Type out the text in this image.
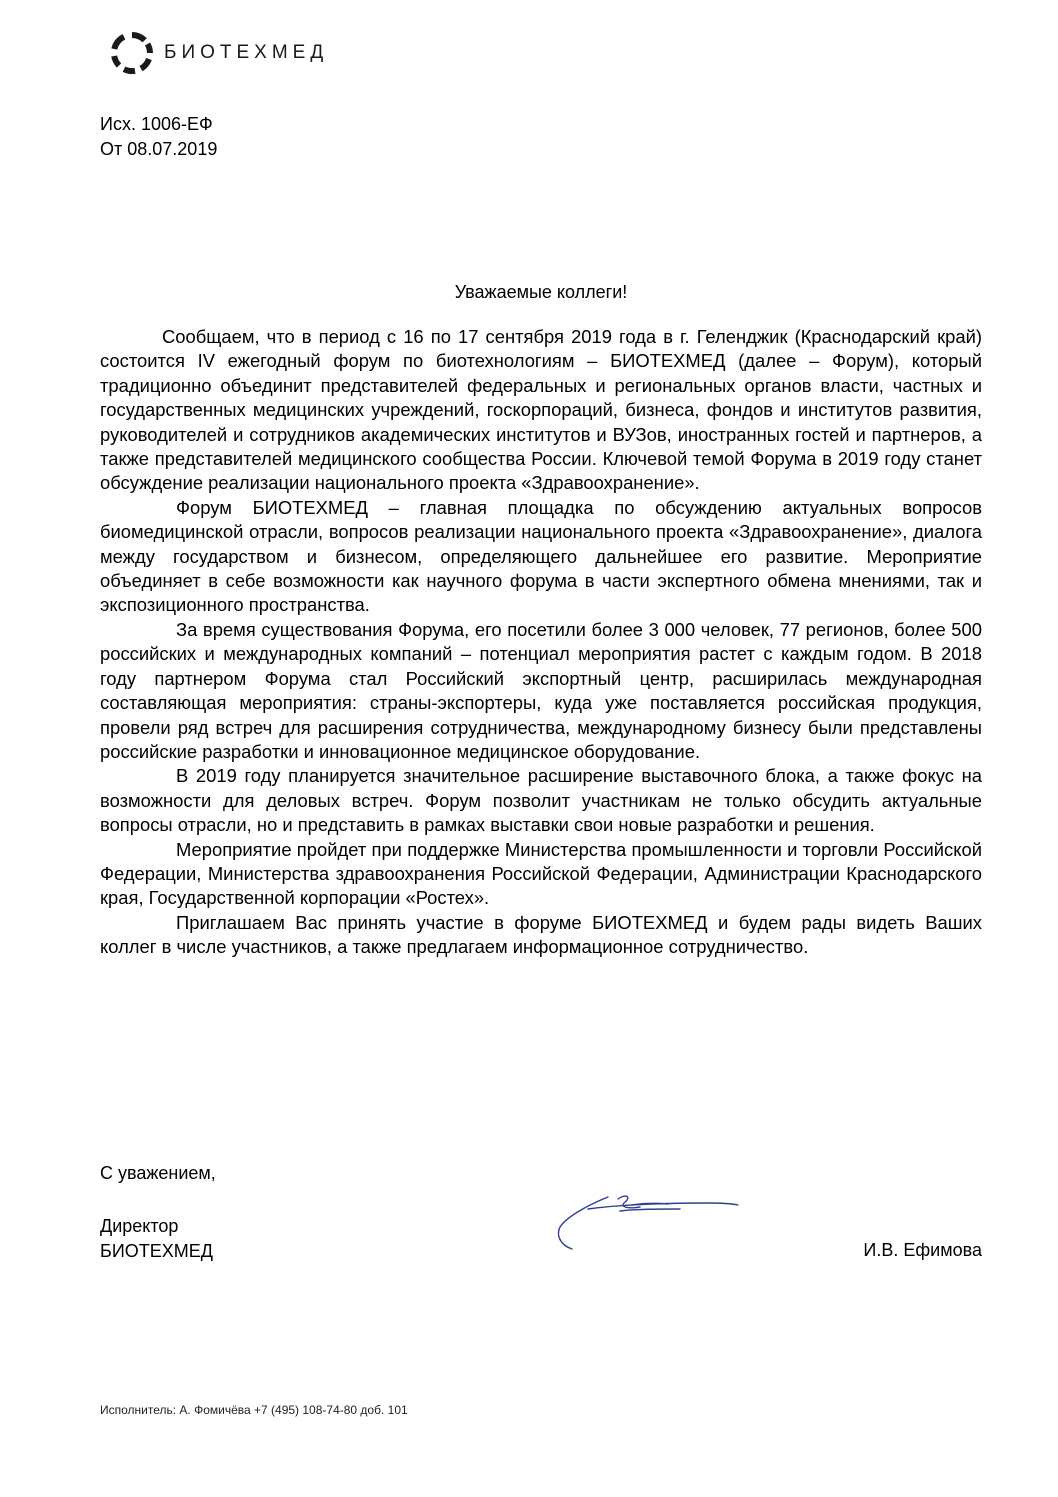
БИОТЕХМЕД
Исх. 1006-ЕФ
От 08.07.2019
Уважаемые коллеги!

Сообщаем, что в период с 16 по 17 сентября 2019 года в г. Геленджик (Краснодарский край) состоится IV ежегодный форум по биотехнологиям – БИОТЕХМЕД (далее – Форум), который традиционно объединит представителей федеральных и региональных органов власти, частных и государственных медицинских учреждений, госкорпораций, бизнеса, фондов и институтов развития, руководителей и сотрудников академических институтов и ВУЗов, иностранных гостей и партнеров, а также представителей медицинского сообщества России. Ключевой темой Форума в 2019 году станет обсуждение реализации национального проекта «Здравоохранение».

Форум БИОТЕХМЕД – главная площадка по обсуждению актуальных вопросов биомедицинской отрасли, вопросов реализации национального проекта «Здравоохранение», диалога между государством и бизнесом, определяющего дальнейшее его развитие. Мероприятие объединяет в себе возможности как научного форума в части экспертного обмена мнениями, так и экспозиционного пространства.

За время существования Форума, его посетили более 3 000 человек, 77 регионов, более 500 российских и международных компаний – потенциал мероприятия растет с каждым годом. В 2018 году партнером Форума стал Российский экспортный центр, расширилась международная составляющая мероприятия: страны-экспортеры, куда уже поставляется российская продукция, провели ряд встреч для расширения сотрудничества, международному бизнесу были представлены российские разработки и инновационное медицинское оборудование.

В 2019 году планируется значительное расширение выставочного блока, а также фокус на возможности для деловых встреч. Форум позволит участникам не только обсудить актуальные вопросы отрасли, но и представить в рамках выставки свои новые разработки и решения.

Мероприятие пройдет при поддержке Министерства промышленности и торговли Российской Федерации, Министерства здравоохранения Российской Федерации, Администрации Краснодарского края, Государственной корпорации «Ростех».

Приглашаем Вас принять участие в форуме БИОТЕХМЕД и будем рады видеть Ваших коллег в числе участников, а также предлагаем информационное сотрудничество.

С уважением,
Директор
БИОТЕХМЕД	И.В. Ефимова
Исполнитель: А. Фомичёва +7 (495) 108-74-80 доб. 101
